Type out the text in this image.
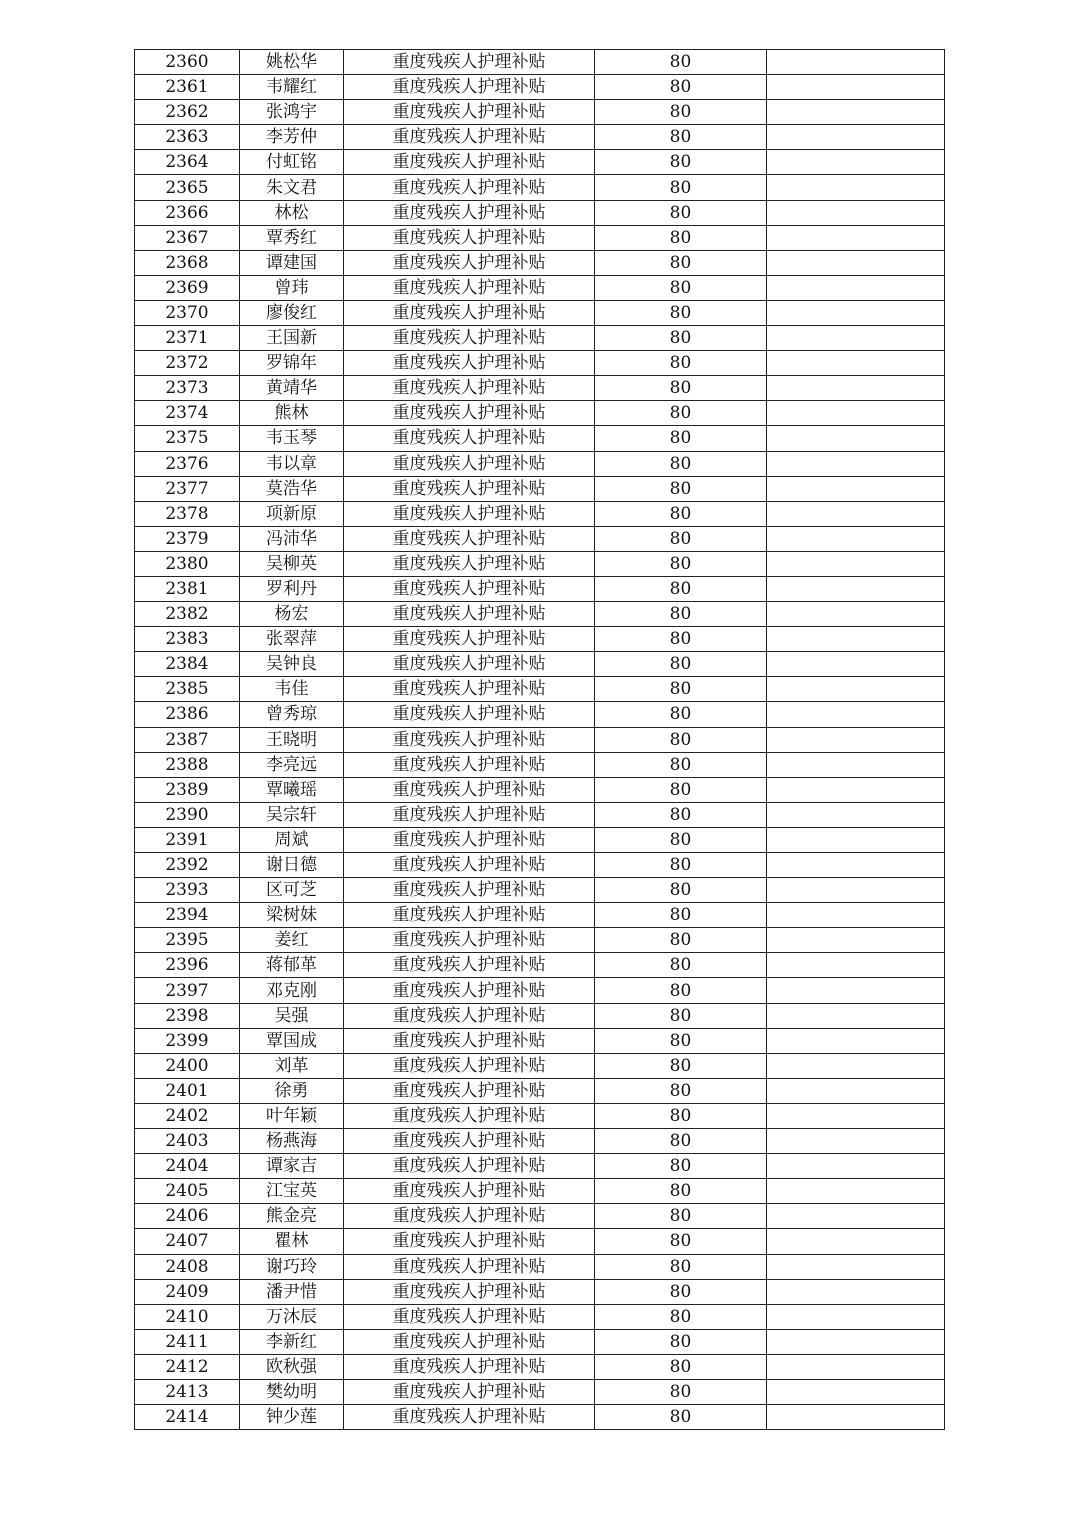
2360	姚松华	重度残疾人护理补贴	80	
2361	韦耀红	重度残疾人护理补贴	80	
2362	张鸿宇	重度残疾人护理补贴	80	
2363	李芳仲	重度残疾人护理补贴	80	
2364	付虹铭	重度残疾人护理补贴	80	
2365	朱文君	重度残疾人护理补贴	80	
2366	林松	重度残疾人护理补贴	80	
2367	覃秀红	重度残疾人护理补贴	80	
2368	谭建国	重度残疾人护理补贴	80	
2369	曾玮	重度残疾人护理补贴	80	
2370	廖俊红	重度残疾人护理补贴	80	
2371	王国新	重度残疾人护理补贴	80	
2372	罗锦年	重度残疾人护理补贴	80	
2373	黄靖华	重度残疾人护理补贴	80	
2374	熊林	重度残疾人护理补贴	80	
2375	韦玉琴	重度残疾人护理补贴	80	
2376	韦以章	重度残疾人护理补贴	80	
2377	莫浩华	重度残疾人护理补贴	80	
2378	项新原	重度残疾人护理补贴	80	
2379	冯沛华	重度残疾人护理补贴	80	
2380	吴柳英	重度残疾人护理补贴	80	
2381	罗利丹	重度残疾人护理补贴	80	
2382	杨宏	重度残疾人护理补贴	80	
2383	张翠萍	重度残疾人护理补贴	80	
2384	吴钟良	重度残疾人护理补贴	80	
2385	韦佳	重度残疾人护理补贴	80	
2386	曾秀琼	重度残疾人护理补贴	80	
2387	王晓明	重度残疾人护理补贴	80	
2388	李亮远	重度残疾人护理补贴	80	
2389	覃曦瑶	重度残疾人护理补贴	80	
2390	吴宗轩	重度残疾人护理补贴	80	
2391	周斌	重度残疾人护理补贴	80	
2392	谢日德	重度残疾人护理补贴	80	
2393	区可芝	重度残疾人护理补贴	80	
2394	梁树妹	重度残疾人护理补贴	80	
2395	姜红	重度残疾人护理补贴	80	
2396	蒋郁革	重度残疾人护理补贴	80	
2397	邓克刚	重度残疾人护理补贴	80	
2398	吴强	重度残疾人护理补贴	80	
2399	覃国成	重度残疾人护理补贴	80	
2400	刘革	重度残疾人护理补贴	80	
2401	徐勇	重度残疾人护理补贴	80	
2402	叶年颖	重度残疾人护理补贴	80	
2403	杨燕海	重度残疾人护理补贴	80	
2404	谭家吉	重度残疾人护理补贴	80	
2405	江宝英	重度残疾人护理补贴	80	
2406	熊金亮	重度残疾人护理补贴	80	
2407	瞿林	重度残疾人护理补贴	80	
2408	谢巧玲	重度残疾人护理补贴	80	
2409	潘尹惜	重度残疾人护理补贴	80	
2410	万沐辰	重度残疾人护理补贴	80	
2411	李新红	重度残疾人护理补贴	80	
2412	欧秋强	重度残疾人护理补贴	80	
2413	樊幼明	重度残疾人护理补贴	80	
2414	钟少莲	重度残疾人护理补贴	80	
